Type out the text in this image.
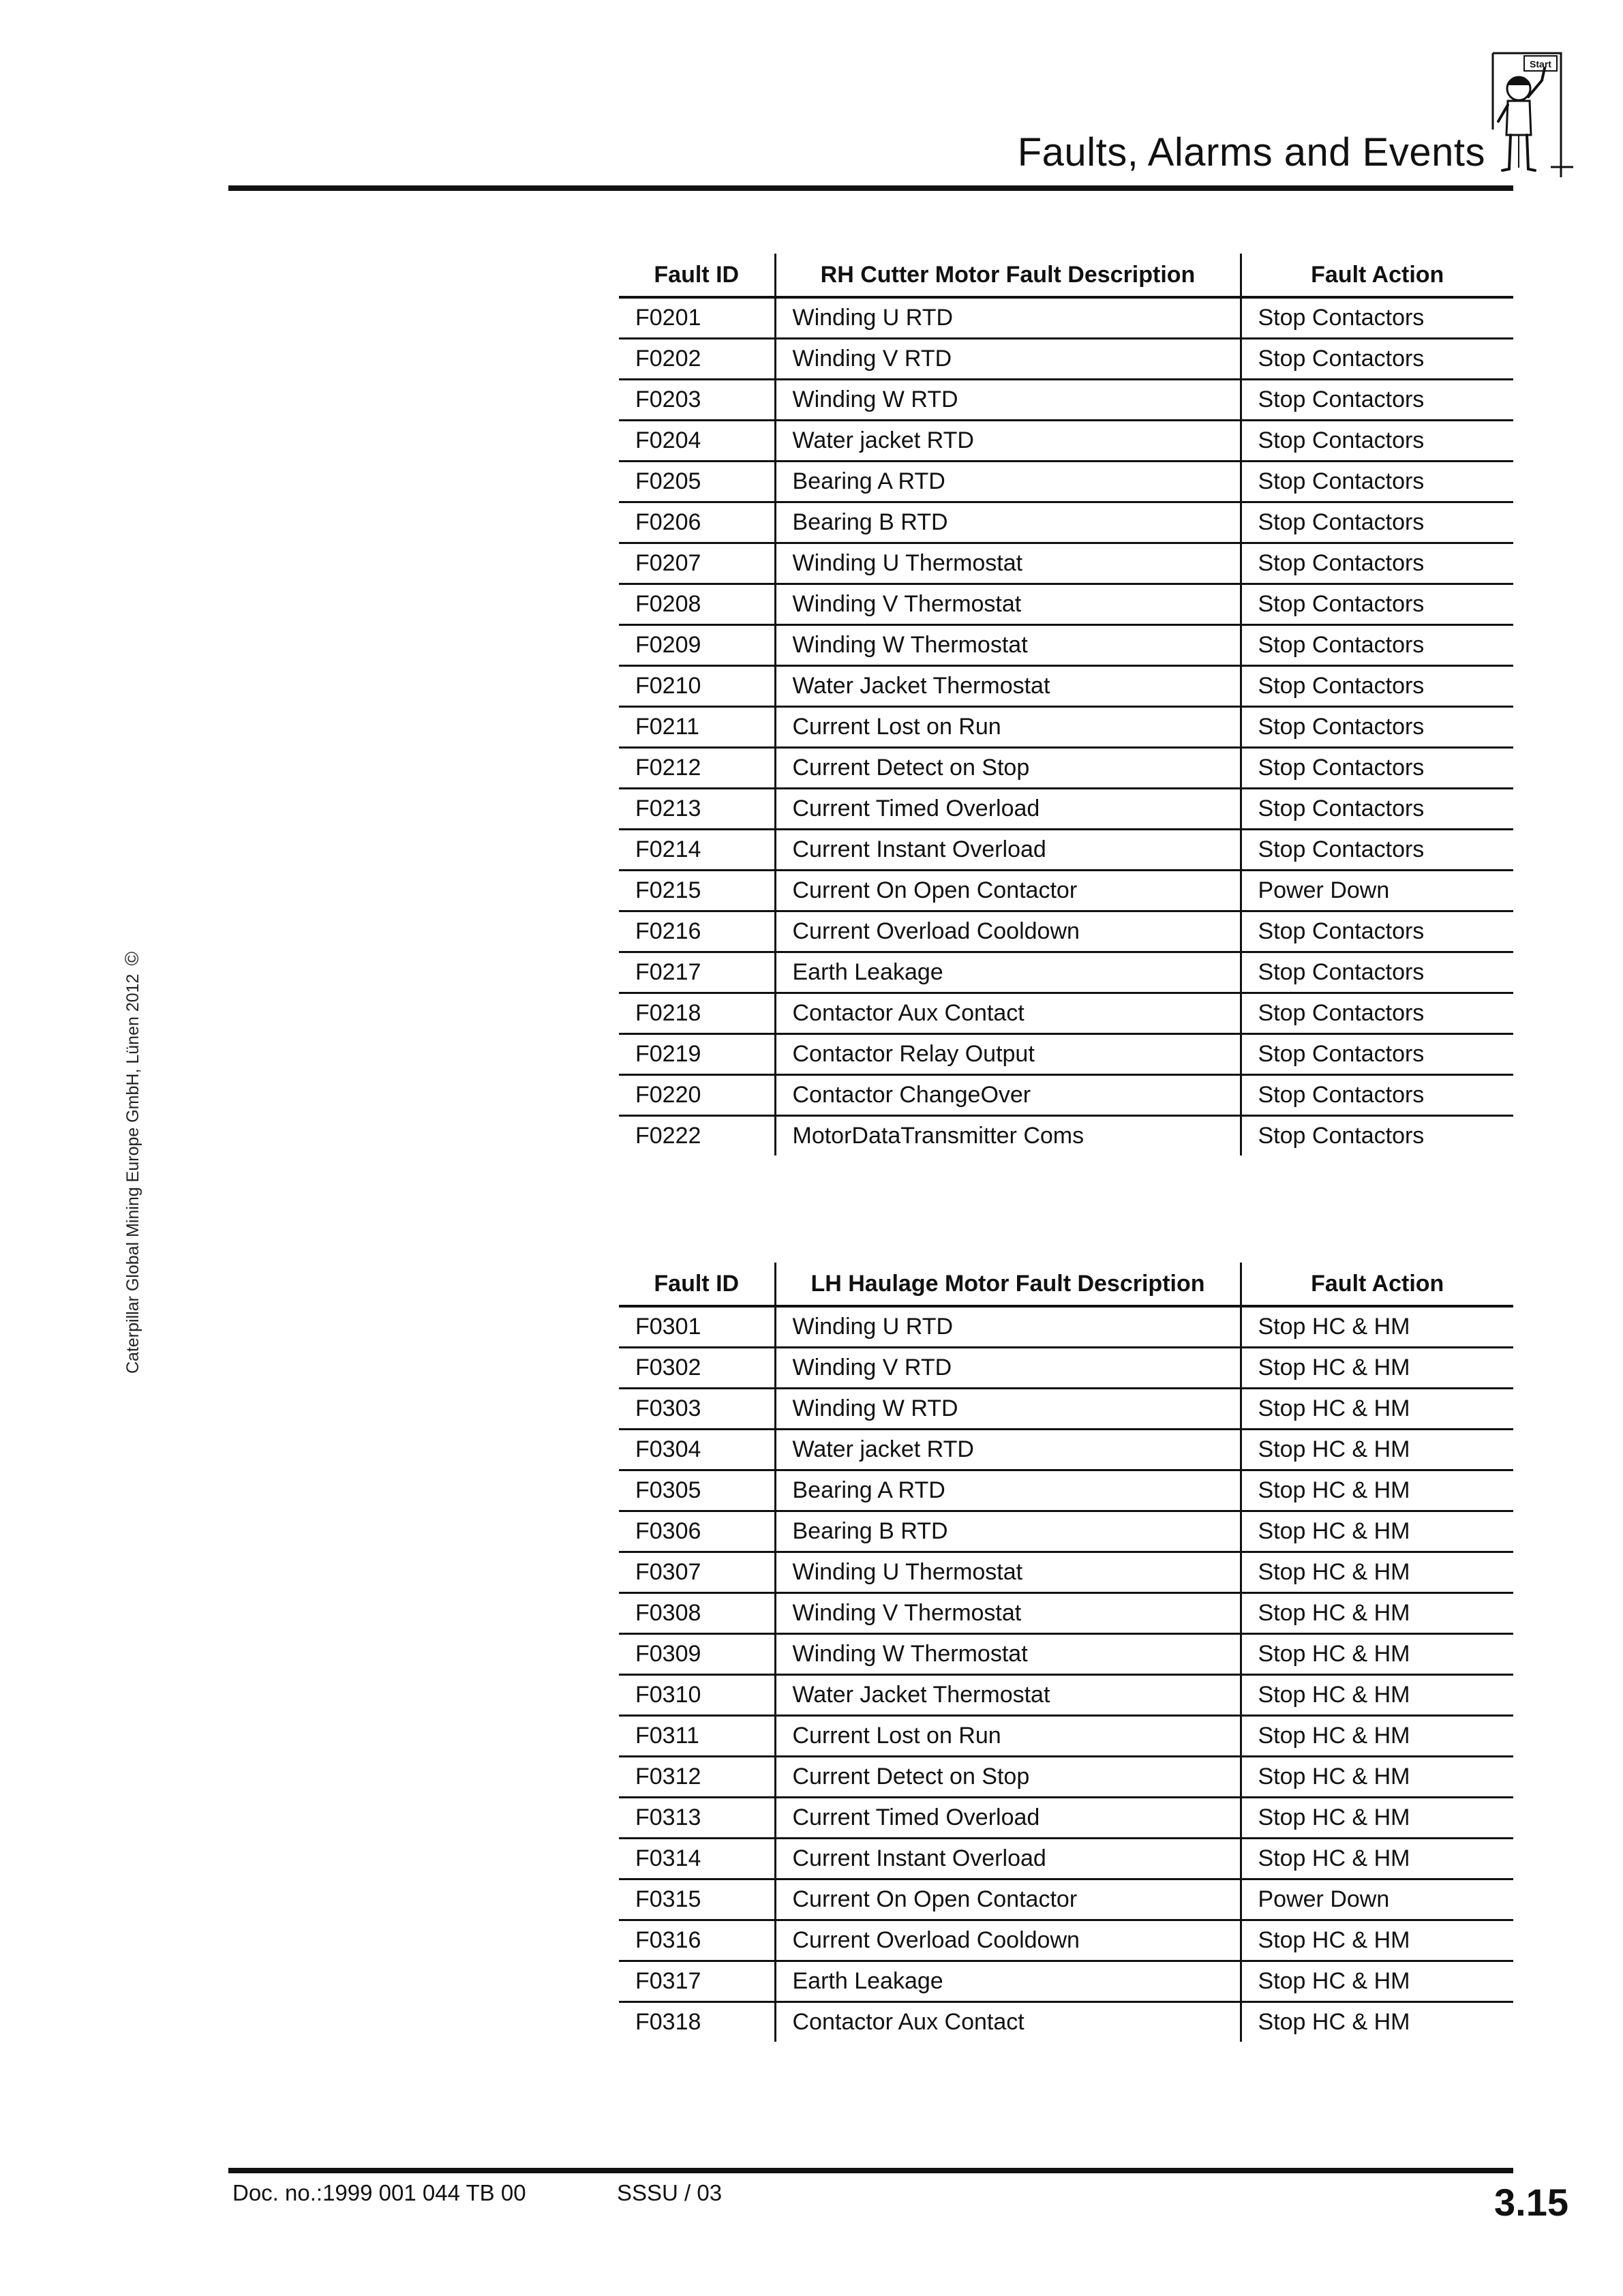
Faults, Alarms and Events
Start
Caterpillar Global Mining Europe GmbH, Lünen 2012©
Fault ID	RH Cutter Motor Fault Description	Fault Action
F0201	Winding U RTD	Stop Contactors
F0202	Winding V RTD	Stop Contactors
F0203	Winding W RTD	Stop Contactors
F0204	Water jacket RTD	Stop Contactors
F0205	Bearing A RTD	Stop Contactors
F0206	Bearing B RTD	Stop Contactors
F0207	Winding U Thermostat	Stop Contactors
F0208	Winding V Thermostat	Stop Contactors
F0209	Winding W Thermostat	Stop Contactors
F0210	Water Jacket Thermostat	Stop Contactors
F0211	Current Lost on Run	Stop Contactors
F0212	Current Detect on Stop	Stop Contactors
F0213	Current Timed Overload	Stop Contactors
F0214	Current Instant Overload	Stop Contactors
F0215	Current On Open Contactor	Power Down
F0216	Current Overload Cooldown	Stop Contactors
F0217	Earth Leakage	Stop Contactors
F0218	Contactor Aux Contact	Stop Contactors
F0219	Contactor Relay Output	Stop Contactors
F0220	Contactor ChangeOver	Stop Contactors
F0222	MotorDataTransmitter Coms	Stop Contactors
Fault ID	LH Haulage Motor Fault Description	Fault Action
F0301	Winding U RTD	Stop HC & HM
F0302	Winding V RTD	Stop HC & HM
F0303	Winding W RTD	Stop HC & HM
F0304	Water jacket RTD	Stop HC & HM
F0305	Bearing A RTD	Stop HC & HM
F0306	Bearing B RTD	Stop HC & HM
F0307	Winding U Thermostat	Stop HC & HM
F0308	Winding V Thermostat	Stop HC & HM
F0309	Winding W Thermostat	Stop HC & HM
F0310	Water Jacket Thermostat	Stop HC & HM
F0311	Current Lost on Run	Stop HC & HM
F0312	Current Detect on Stop	Stop HC & HM
F0313	Current Timed Overload	Stop HC & HM
F0314	Current Instant Overload	Stop HC & HM
F0315	Current On Open Contactor	Power Down
F0316	Current Overload Cooldown	Stop HC & HM
F0317	Earth Leakage	Stop HC & HM
F0318	Contactor Aux Contact	Stop HC & HM
Doc. no.:1999 001 044 TB 00	SSSU / 03	3.15
